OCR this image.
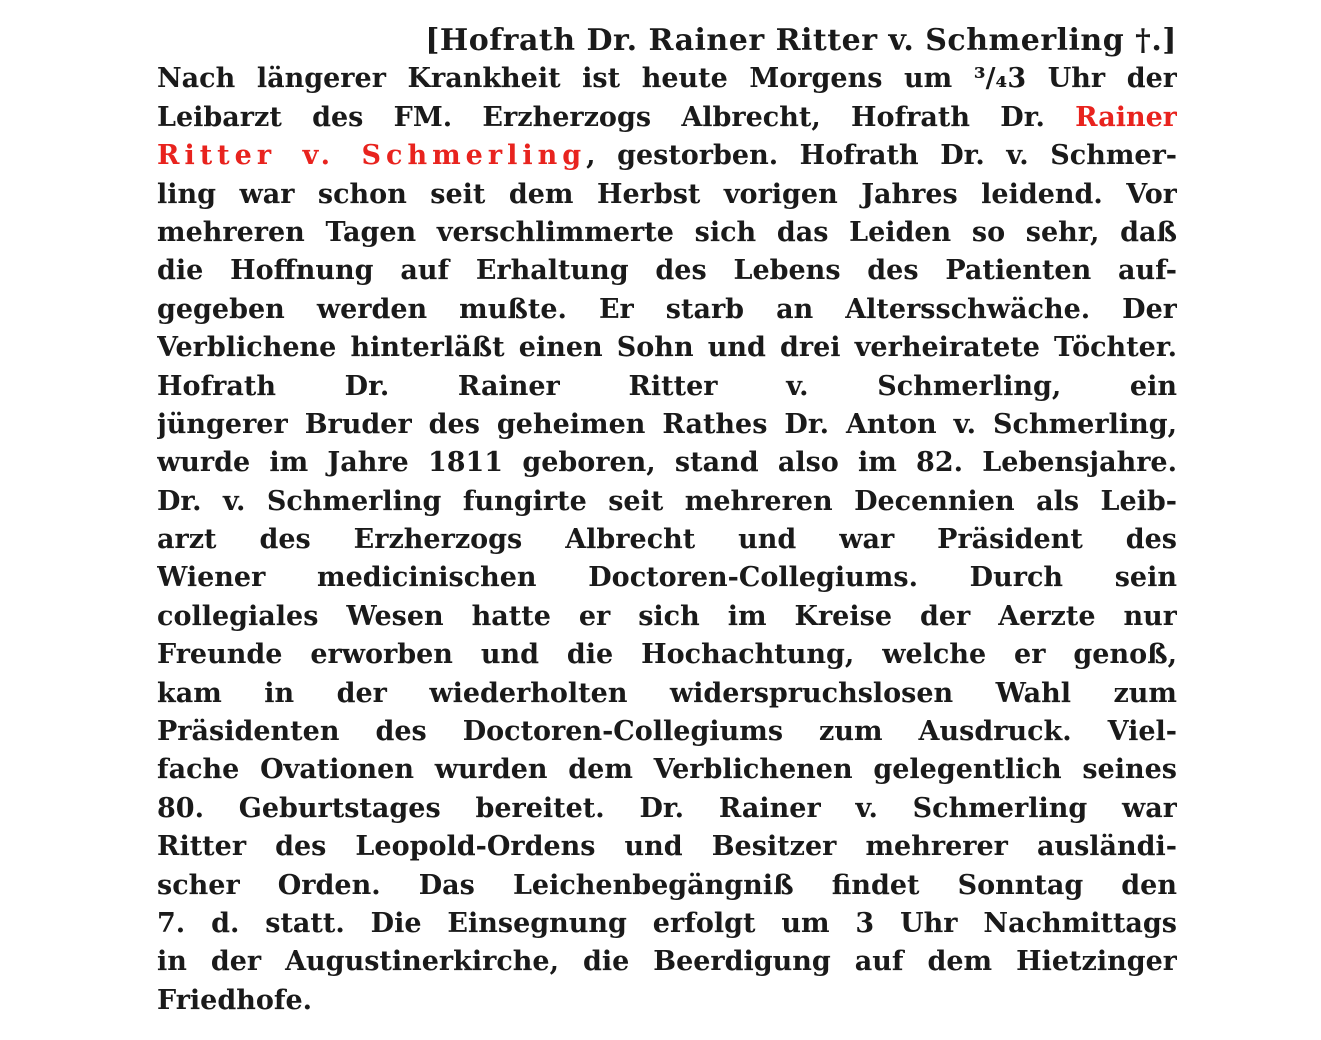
[Hofrath Dr. Rainer Ritter v. Schmerling †.]
Nach längerer Krankheit ist heute Morgens um ³/₄3 Uhr der
Leibarzt des FM. Erzherzogs Albrecht, Hofrath Dr. Rainer
Ritter v. Schmerling, gestorben. Hofrath Dr. v. Schmer-
ling war schon seit dem Herbst vorigen Jahres leidend. Vor
mehreren Tagen verschlimmerte sich das Leiden so sehr, daß
die Hoffnung auf Erhaltung des Lebens des Patienten auf-
gegeben werden mußte. Er starb an Altersschwäche. Der
Verblichene hinterläßt einen Sohn und drei verheiratete Töchter.
Hofrath Dr. Rainer Ritter v. Schmerling, ein
jüngerer Bruder des geheimen Rathes Dr. Anton v. Schmerling,
wurde im Jahre 1811 geboren, stand also im 82. Lebensjahre.
Dr. v. Schmerling fungirte seit mehreren Decennien als Leib-
arzt des Erzherzogs Albrecht und war Präsident des
Wiener medicinischen Doctoren-Collegiums. Durch sein
collegiales Wesen hatte er sich im Kreise der Aerzte nur
Freunde erworben und die Hochachtung, welche er genoß,
kam in der wiederholten widerspruchslosen Wahl zum
Präsidenten des Doctoren-Collegiums zum Ausdruck. Viel-
fache Ovationen wurden dem Verblichenen gelegentlich seines
80. Geburtstages bereitet. Dr. Rainer v. Schmerling war
Ritter des Leopold-Ordens und Besitzer mehrerer ausländi-
scher Orden. Das Leichenbegängniß findet Sonntag den
7. d. statt. Die Einsegnung erfolgt um 3 Uhr Nachmittags
in der Augustinerkirche, die Beerdigung auf dem Hietzinger
Friedhofe.
